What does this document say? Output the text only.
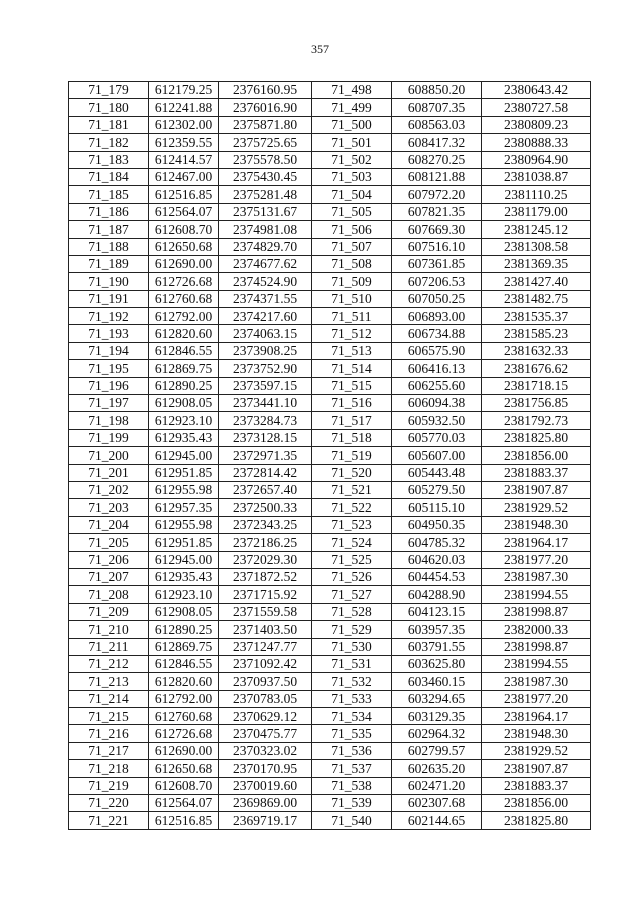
357
71_179	612179.25	2376160.95	71_498	608850.20	2380643.42
71_180	612241.88	2376016.90	71_499	608707.35	2380727.58
71_181	612302.00	2375871.80	71_500	608563.03	2380809.23
71_182	612359.55	2375725.65	71_501	608417.32	2380888.33
71_183	612414.57	2375578.50	71_502	608270.25	2380964.90
71_184	612467.00	2375430.45	71_503	608121.88	2381038.87
71_185	612516.85	2375281.48	71_504	607972.20	2381110.25
71_186	612564.07	2375131.67	71_505	607821.35	2381179.00
71_187	612608.70	2374981.08	71_506	607669.30	2381245.12
71_188	612650.68	2374829.70	71_507	607516.10	2381308.58
71_189	612690.00	2374677.62	71_508	607361.85	2381369.35
71_190	612726.68	2374524.90	71_509	607206.53	2381427.40
71_191	612760.68	2374371.55	71_510	607050.25	2381482.75
71_192	612792.00	2374217.60	71_511	606893.00	2381535.37
71_193	612820.60	2374063.15	71_512	606734.88	2381585.23
71_194	612846.55	2373908.25	71_513	606575.90	2381632.33
71_195	612869.75	2373752.90	71_514	606416.13	2381676.62
71_196	612890.25	2373597.15	71_515	606255.60	2381718.15
71_197	612908.05	2373441.10	71_516	606094.38	2381756.85
71_198	612923.10	2373284.73	71_517	605932.50	2381792.73
71_199	612935.43	2373128.15	71_518	605770.03	2381825.80
71_200	612945.00	2372971.35	71_519	605607.00	2381856.00
71_201	612951.85	2372814.42	71_520	605443.48	2381883.37
71_202	612955.98	2372657.40	71_521	605279.50	2381907.87
71_203	612957.35	2372500.33	71_522	605115.10	2381929.52
71_204	612955.98	2372343.25	71_523	604950.35	2381948.30
71_205	612951.85	2372186.25	71_524	604785.32	2381964.17
71_206	612945.00	2372029.30	71_525	604620.03	2381977.20
71_207	612935.43	2371872.52	71_526	604454.53	2381987.30
71_208	612923.10	2371715.92	71_527	604288.90	2381994.55
71_209	612908.05	2371559.58	71_528	604123.15	2381998.87
71_210	612890.25	2371403.50	71_529	603957.35	2382000.33
71_211	612869.75	2371247.77	71_530	603791.55	2381998.87
71_212	612846.55	2371092.42	71_531	603625.80	2381994.55
71_213	612820.60	2370937.50	71_532	603460.15	2381987.30
71_214	612792.00	2370783.05	71_533	603294.65	2381977.20
71_215	612760.68	2370629.12	71_534	603129.35	2381964.17
71_216	612726.68	2370475.77	71_535	602964.32	2381948.30
71_217	612690.00	2370323.02	71_536	602799.57	2381929.52
71_218	612650.68	2370170.95	71_537	602635.20	2381907.87
71_219	612608.70	2370019.60	71_538	602471.20	2381883.37
71_220	612564.07	2369869.00	71_539	602307.68	2381856.00
71_221	612516.85	2369719.17	71_540	602144.65	2381825.80
